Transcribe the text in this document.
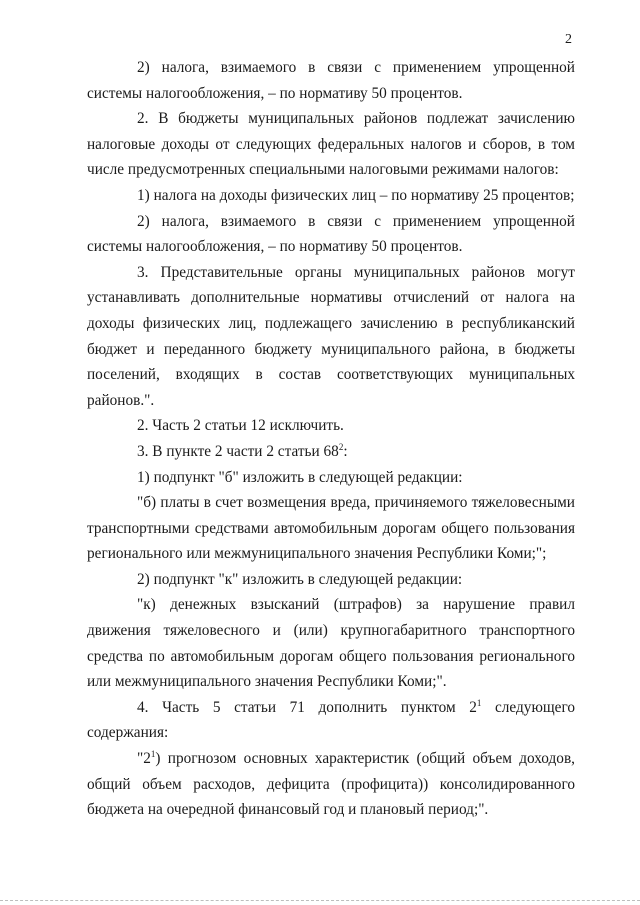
2

2) налога, взимаемого в связи с применением упрощенной системы налогообложения, – по нормативу 50 процентов.

2. В бюджеты муниципальных районов подлежат зачислению налоговые доходы от следующих федеральных налогов и сборов, в том числе предусмотренных специальными налоговыми режимами налогов:

1) налога на доходы физических лиц – по нормативу 25 процентов;

2) налога, взимаемого в связи с применением упрощенной системы налогообложения, – по нормативу 50 процентов.

3. Представительные органы муниципальных районов могут устанавливать дополнительные нормативы отчислений от налога на доходы физических лиц, подлежащего зачислению в республиканский бюджет и переданного бюджету муниципального района, в бюджеты поселений, входящих в состав соответствующих муниципальных районов.".

2. Часть 2 статьи 12 исключить.

3. В пункте 2 части 2 статьи $68^2$:

1) подпункт "б" изложить в следующей редакции:

"б) платы в счет возмещения вреда, причиняемого тяжеловесными транспортными средствами автомобильным дорогам общего пользования регионального или межмуниципального значения Республики Коми;";

2) подпункт "к" изложить в следующей редакции:

"к) денежных взысканий (штрафов) за нарушение правил движения тяжеловесного и (или) крупногабаритного транспортного средства по автомобильным дорогам общего пользования регионального или межмуниципального значения Республики Коми;".

4. Часть 5 статьи 71 дополнить пунктом $2^1$ следующего содержания:

"$2^1$) прогнозом основных характеристик (общий объем доходов, общий объем расходов, дефицита (профицита)) консолидированного бюджета на очередной финансовый год и плановый период;".
